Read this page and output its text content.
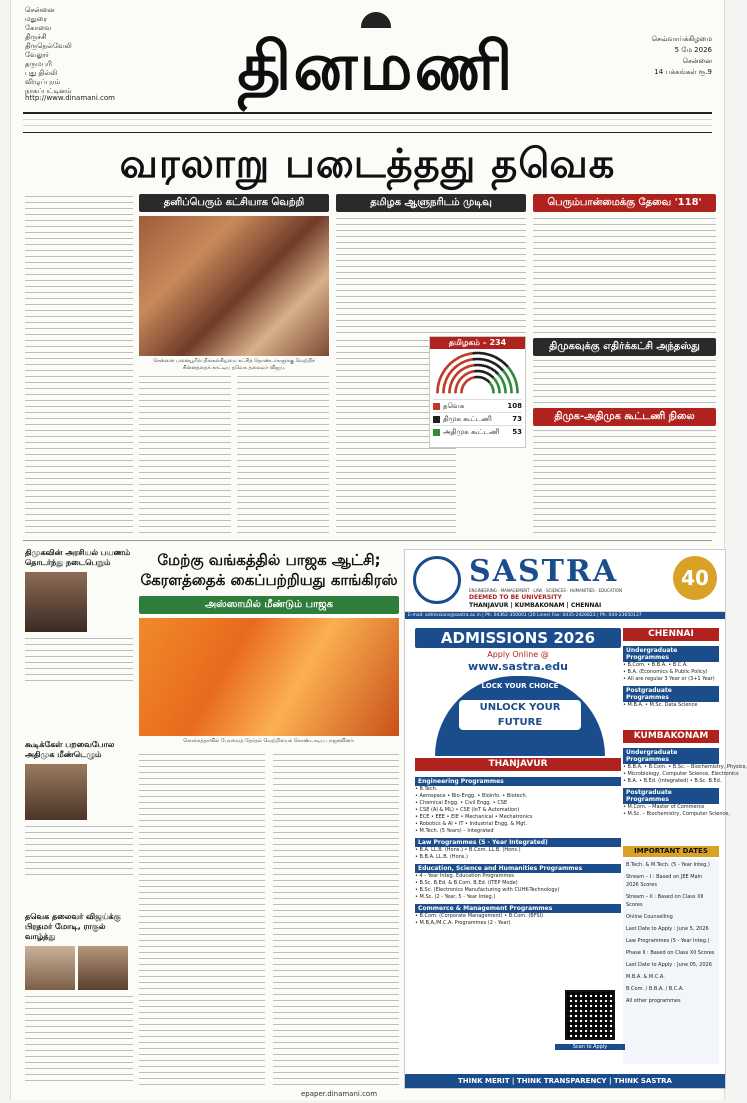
சென்னை
மதுரை
கோவை
திருச்சி
திருநெல்வேலி
வேலூர்
தருமபுரி
புது தில்லி
விழுப்புரம்
நாகப்பட்டினம்
http://www.dinamani.com தினமணி	செவ்வாய்க்கிழமை
5 மே 2026
சென்னை
14 பக்கங்கள் ரூ.9
வரலாறு படைத்தது தவெக
தனிப்பெரும் கட்சியாக வெற்றி	தமிழக ஆளுநரிடம் முடிவு	பெரும்பான்மைக்கு தேவை '118'
சென்னை பனையூரில் திங்கள்கிழமை கட்சித் தொண்டர்களுக்கு வெற்றிச் சின்னத்தைக் காட்டிய தவெக தலைவர் விஜய்.
தமிழகம் – 234
தவெக	108
திமுக கூட்டணி	73
அதிமுக கூட்டணி	53
திமுகவுக்கு எதிர்க்கட்சி அந்தஸ்து
திமுக-அதிமுக கூட்டணி நிலை
திமுகவின் அரசியல் பயணம் தொடர்ந்து நடைபெறும்
கூடிக்கேள் பறவைபோல அதிமுக மீண்டெழும்
தவெக தலைவர் விஜய்க்கு பிரதமர் மோடி, ராகுல் வாழ்த்து
மேற்கு வங்கத்தில் பாஜக ஆட்சி;
கேரளத்தைக் கைப்பற்றியது காங்கிரஸ்
அஸ்ஸாமில் மீண்டும் பாஜக
கொல்கத்தாவில் பேரவைத் தேர்தல் வெற்றியைக் கொண்டாடிய பாஜகவினர்.
SASTRA
ENGINEERING · MANAGEMENT · LAW · SCIENCES · HUMANITIES · EDUCATION
DEEMED TO BE UNIVERSITY
THANJAVUR | KUMBAKONAM | CHENNAI
40
E-mail: admissions@sastra.ac.in | Ph: 04362-350001 (20 Lines) Fax: 0435-2426823 | Ph: 044-23650137
ADMISSIONS 2026
Apply Online @
www.sastra.edu
LOCK YOUR CHOICE
UNLOCK YOUR FUTURE
THANJAVUR
Engineering Programmes
• B.Tech.
• Aerospace • Bio-Engg. • Bioinfo. • Biotech.
• Chemical Engg. • Civil Engg. • CSE
• CSE (AI & ML) • CSE (IoT & Automation)
• ECE • EEE • EIE • Mechanical • Mechatronics
• Robotics & AI • IT • Industrial Engg. & Mgt.
• M.Tech. (5 Years) – Integrated
Law Programmes (5 - Year Integrated)
• B.A. LL.B. (Hons.) • B.Com. LL.B. (Hons.)
• B.B.A. LL.B. (Hons.)
Education, Science and Humanities Programmes
• 4 - Year Integ. Education Programmes
• B.Sc. B.Ed. & B.Com. B.Ed. (ITEP Mode)
• B.Sc. (Electronics Manufacturing with CUHK-Technology)
• M.Sc. (2 - Year, 5 - Year Integ.)
Commerce & Management Programmes
• B.Com. (Corporate Management) • B.Com. (BFSI)
• M.B.A./M.C.A. Programmes (2 - Year)
CHENNAI
Undergraduate Programmes
• B.Com. • B.B.A. • B.C.A.
• B.A. (Economics & Public Policy)
• All are regular 3 Year or (3+1 Year)
Postgraduate Programmes
• M.B.A. • M.Sc. Data Science
KUMBAKONAM
Undergraduate Programmes
• B.B.A. • B.Com. • B.Sc. – Biochemistry, Physics,
• Microbiology, Computer Science, Electronics
• B.A. • B.Ed. (Integrated) • B.Sc. B.Ed.
Postgraduate Programmes
• M.Com. – Master of Commerce
• M.Sc. – Biochemistry, Computer Science,
IMPORTANT DATES
B.Tech. & M.Tech. (5 - Year Integ.)
Stream – I : Based on JEE Main 2026 Scores
Stream – II : Based on Class XII Scores
Online Counselling
Last Date to Apply : June 5, 2026
Law Programmes (5 - Year Integ.)
Phase II : Based on Class XII Scores
Last Date to Apply : June 05, 2026
M.B.A. & M.C.A.
B.Com. / B.B.A. / B.C.A.
All other programmes
Scan to Apply
THINK MERIT | THINK TRANSPARENCY | THINK SASTRA
epaper.dinamani.com
